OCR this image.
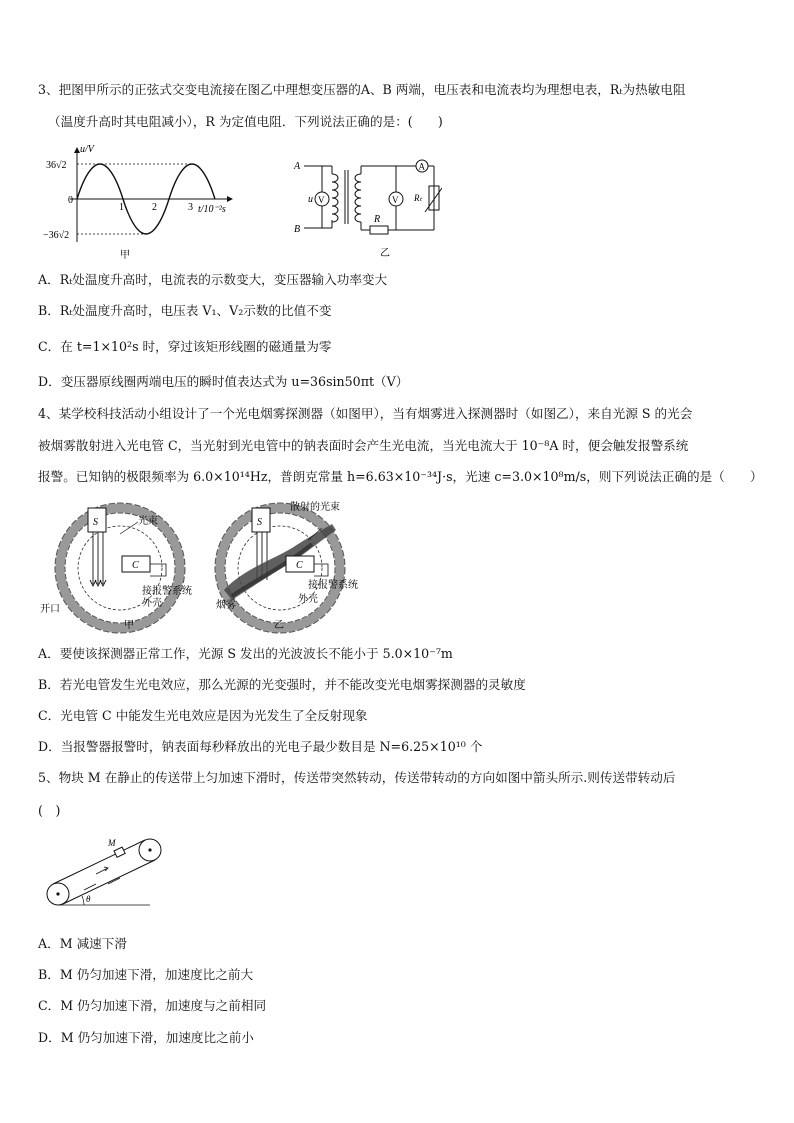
3、把图甲所示的正弦式交变电流接在图乙中理想变压器的A、B 两端，电压表和电流表均为理想电表，Rₜ为热敏电阻
（温度升高时其电阻减小），R 为定值电阻．下列说法正确的是：(　　)
u/V
36√2
0
−36√2
1	2	3 t/10⁻²s
甲
V	V
A
A
B
u
R
Rₜ
乙
A．Rₜ处温度升高时，电流表的示数变大，变压器输入功率变大
B．Rₜ处温度升高时，电压表 V₁、V₂示数的比值不变
C．在 t=1×10²s 时，穿过该矩形线圈的磁通量为零
D．变压器原线圈两端电压的瞬时值表达式为 u=36sin50πt（V）
4、某学校科技活动小组设计了一个光电烟雾探测器（如图甲），当有烟雾进入探测器时（如图乙），来自光源 S 的光会
被烟雾散射进入光电管 C，当光射到光电管中的钠表面时会产生光电流，当光电流大于 10⁻⁸A 时，便会触发报警系统
报警。已知钠的极限频率为 6.0×10¹⁴Hz，普朗克常量 h=6.63×10⁻³⁴J·s，光速 c=3.0×10⁸m/s，则下列说法正确的是（　　）
S
C
光束
接报警系统
开口
外壳
甲
S
C
散射的光束
接报警系统
烟雾
外壳
乙
A．要使该探测器正常工作，光源 S 发出的光波波长不能小于 5.0×10⁻⁷m
B．若光电管发生光电效应，那么光源的光变强时，并不能改变光电烟雾探测器的灵敏度
C．光电管 C 中能发生光电效应是因为光发生了全反射现象
D．当报警器报警时，钠表面每秒释放出的光电子最少数目是 N=6.25×10¹⁰ 个
5、物块 M 在静止的传送带上匀加速下滑时，传送带突然转动，传送带转动的方向如图中箭头所示.则传送带转动后
(　)
M
θ
A．M 减速下滑
B．M 仍匀加速下滑，加速度比之前大
C．M 仍匀加速下滑，加速度与之前相同
D．M 仍匀加速下滑，加速度比之前小
